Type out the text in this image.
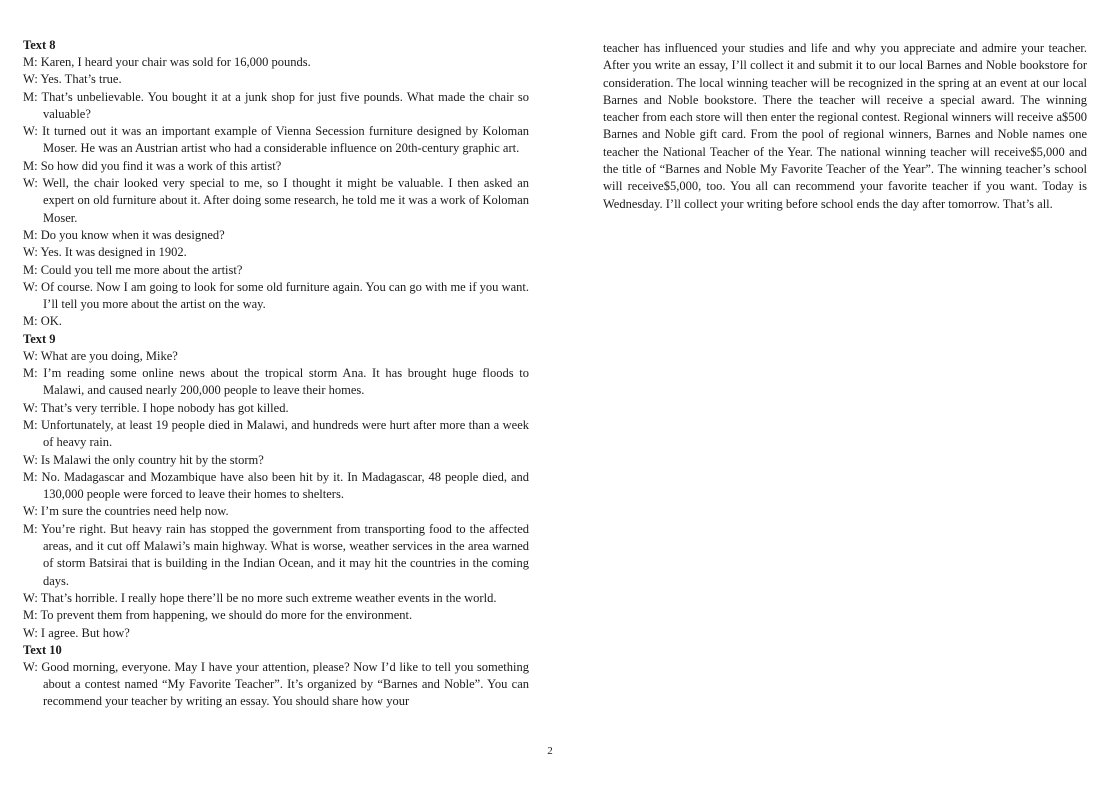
Text 8

M: Karen, I heard your chair was sold for 16,000 pounds.

W: Yes. That’s true.

M: That’s unbelievable. You bought it at a junk shop for just five pounds. What made the chair so valuable?

W: It turned out it was an important example of Vienna Secession furniture designed by Koloman Moser. He was an Austrian artist who had a considerable influence on 20th-century graphic art.

M: So how did you find it was a work of this artist?

W: Well, the chair looked very special to me, so I thought it might be valuable. I then asked an expert on old furniture about it. After doing some research, he told me it was a work of Koloman Moser.

M: Do you know when it was designed?

W: Yes. It was designed in 1902.

M: Could you tell me more about the artist?

W: Of course. Now I am going to look for some old furniture again. You can go with me if you want. I’ll tell you more about the artist on the way.

M: OK.

Text 9

W: What are you doing, Mike?

M: I’m reading some online news about the tropical storm Ana. It has brought huge floods to Malawi, and caused nearly 200,000 people to leave their homes.

W: That’s very terrible. I hope nobody has got killed.

M: Unfortunately, at least 19 people died in Malawi, and hundreds were hurt after more than a week of heavy rain.

W: Is Malawi the only country hit by the storm?

M: No. Madagascar and Mozambique have also been hit by it. In Madagascar, 48 people died, and 130,000 people were forced to leave their homes to shelters.

W: I’m sure the countries need help now.

M: You’re right. But heavy rain has stopped the government from transporting food to the affected areas, and it cut off Malawi’s main highway. What is worse, weather services in the area warned of storm Batsirai that is building in the Indian Ocean, and it may hit the countries in the coming days.

W: That’s horrible. I really hope there’ll be no more such extreme weather events in the world.

M: To prevent them from happening, we should do more for the environment.

W: I agree. But how?

Text 10

W: Good morning, everyone. May I have your attention, please? Now I’d like to tell you something about a contest named “My Favorite Teacher”. It’s organized by “Barnes and Noble”. You can recommend your teacher by writing an essay. You should share how your

teacher has influenced your studies and life and why you appreciate and admire your teacher. After you write an essay, I’ll collect it and submit it to our local Barnes and Noble bookstore for consideration. The local winning teacher will be recognized in the spring at an event at our local Barnes and Noble bookstore. There the teacher will receive a special award. The winning teacher from each store will then enter the regional contest. Regional winners will receive a$500 Barnes and Noble gift card. From the pool of regional winners, Barnes and Noble names one teacher the National Teacher of the Year. The national winning teacher will receive$5,000 and the title of “Barnes and Noble My Favorite Teacher of the Year”. The winning teacher’s school will receive$5,000, too. You all can recommend your favorite teacher if you want. Today is Wednesday. I’ll collect your writing before school ends the day after tomorrow. That’s all.

2
